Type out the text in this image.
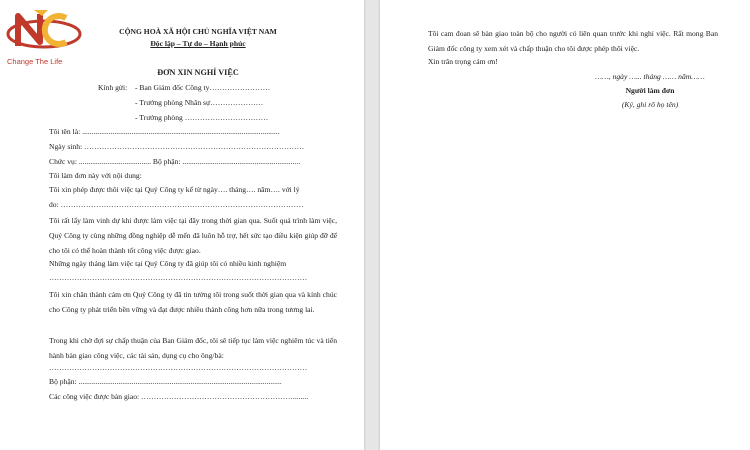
Change The Life
CỘNG HOÀ XÃ HỘI CHỦ NGHĨA VIỆT NAM
Độc lập – Tự do – Hạnh phúc
ĐƠN XIN NGHỈ VIỆC
Kính gửi: - Ban Giám đốc Công ty……………………
- Trưởng phòng Nhân sự…………………
- Trưởng phòng ……………………………
Tôi tên là: ........................................................................................................
Ngày sinh: ……………………………………………………………………………
Chức vụ: ...................................... Bộ phận: ..............................................................
Tôi làm đơn này với nội dung:
Tôi xin phép được thôi việc tại Quý Công ty kể từ ngày…. tháng…. năm…. với lý
do: ……………………………………………………………………………………
Tôi rất lấy làm vinh dự khi được làm việc tại đây trong thời gian qua. Suốt quá trình làm việc, Quý Công ty cùng những đồng nghiệp dễ mến đã luôn hỗ trợ, hết sức tạo điều kiện giúp đỡ để cho tôi có thể hoàn thành tốt công việc được giao.
Những ngày tháng làm việc tại Quý Công ty đã giúp tôi có nhiều kinh nghiệm
…………………………………………………………………………………………
Tôi xin chân thành cảm ơn Quý Công ty đã tin tưởng tôi trong suốt thời gian qua và kính chúc cho Công ty phát triển bền vững và đạt được nhiều thành công hơn nữa trong tương lai.
Trong khi chờ đợi sự chấp thuận của Ban Giám đốc, tôi sẽ tiếp tục làm việc nghiêm túc và tiến hành bàn giao công việc, các tài sản, dụng cụ cho ông/bà:
…………………………………………………………………………………………
Bộ phận: ...........................................................................................................
Các công việc được bàn giao: ……………………………………………………........
Tôi cam đoan sẽ bàn giao toàn bộ cho người có liên quan trước khi nghỉ việc. Rất mong Ban Giám đốc công ty xem xét và chấp thuận cho tôi được phép thôi việc.
Xin trân trọng cảm ơn!
……, ngày …... tháng …… năm……
Người làm đơn
(Ký, ghi rõ họ tên)
